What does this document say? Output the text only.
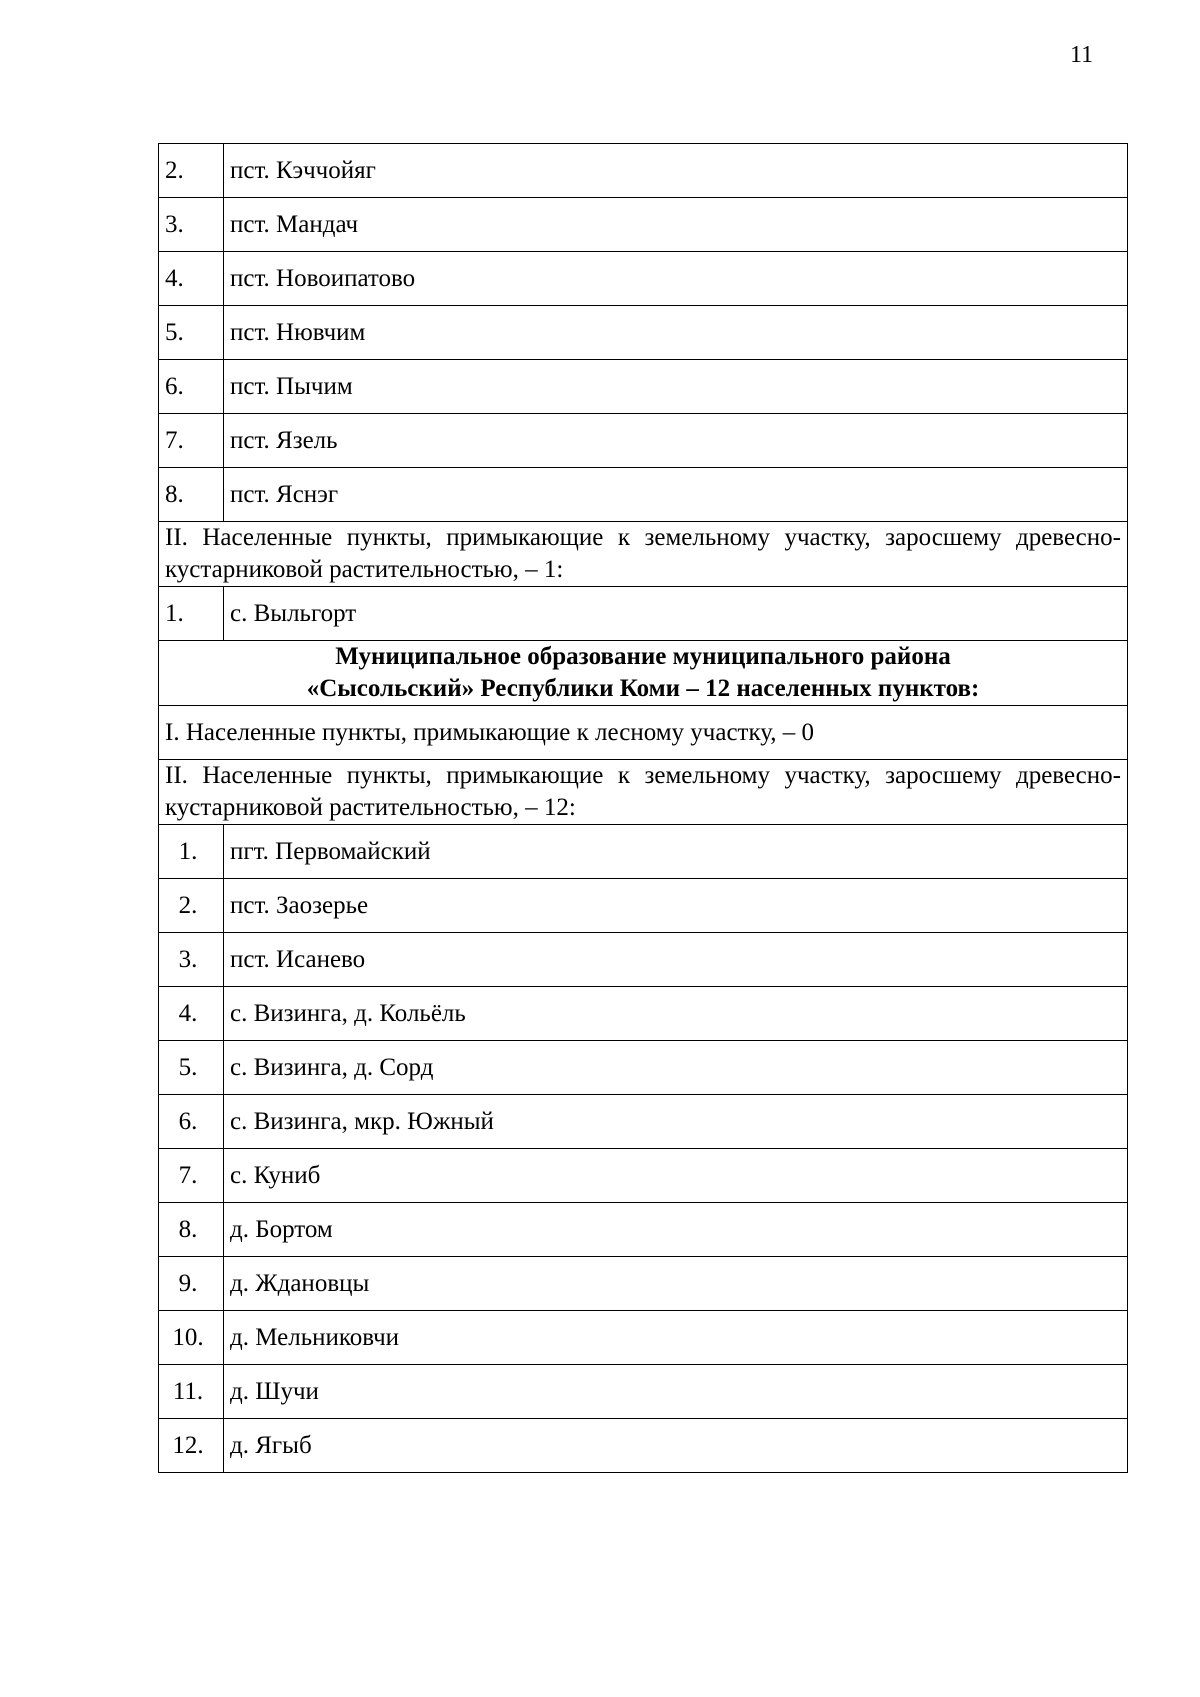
11
2.	пст. Кэччойяг
3.	пст. Мандач
4.	пст. Новоипатово
5.	пст. Нювчим
6.	пст. Пычим
7.	пст. Язель
8.	пст. Яснэг
II. Населенные пункты, примыкающие к земельному участку, заросшему древесно-кустарниковой растительностью, – 1:	
1.	с. Выльгорт

Муниципальное образование муниципального района
«Сысольский» Республики Коми – 12 населенных пунктов:	

I. Населенные пункты, примыкающие к лесному участку, – 0	
II. Населенные пункты, примыкающие к земельному участку, заросшему древесно-кустарниковой растительностью, – 12:	
1.	пгт. Первомайский
2.	пст. Заозерье
3.	пст. Исанево
4.	с. Визинга, д. Кольёль
5.	с. Визинга, д. Сорд
6.	с. Визинга, мкр. Южный
7.	с. Куниб
8.	д. Бортом
9.	д. Ждановцы
10.	д. Мельниковчи
11.	д. Шучи
12.	д. Ягыб
